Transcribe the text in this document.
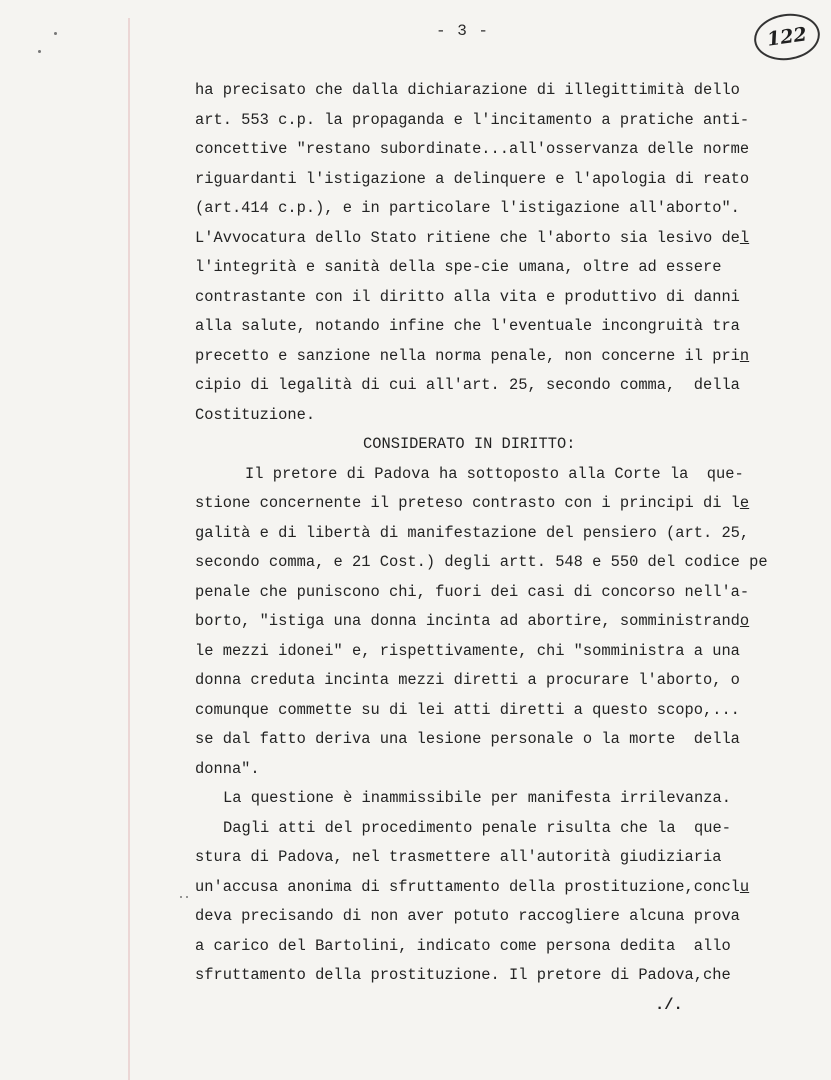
- 3 -	122
ha precisato che dalla dichiarazione di illegittimità dello
art. 553 c.p. la propaganda e l'incitamento a pratiche anti-
concettive "restano subordinate...all'osservanza delle norme
riguardanti l'istigazione a delinquere e l'apologia di reato
(art.414 c.p.), e in particolare l'istigazione all'aborto".
L'Avvocatura dello Stato ritiene che l'aborto sia lesivo del
l'integrità e sanità della spe-cie umana, oltre ad essere
contrastante con il diritto alla vita e produttivo di danni
alla salute, notando infine che l'eventuale incongruità tra
precetto e sanzione nella norma penale, non concerne il prin
cipio di legalità di cui all'art. 25, secondo comma,  della
Costituzione.
CONSIDERATO IN DIRITTO:
Il pretore di Padova ha sottoposto alla Corte la  que-
stione concernente il preteso contrasto con i principi di le
galità e di libertà di manifestazione del pensiero (art. 25,
secondo comma, e 21 Cost.) degli artt. 548 e 550 del codice pe
penale che puniscono chi, fuori dei casi di concorso nell'a-
borto, "istiga una donna incinta ad abortire, somministrando
le mezzi idonei" e, rispettivamente, chi "somministra a una
donna creduta incinta mezzi diretti a procurare l'aborto, o
comunque commette su di lei atti diretti a questo scopo,...
se dal fatto deriva una lesione personale o la morte  della
donna".
La questione è inammissibile per manifesta irrilevanza.
Dagli atti del procedimento penale risulta che la  que-
stura di Padova, nel trasmettere all'autorità giudiziaria
un'accusa anonima di sfruttamento della prostituzione,conclu
deva precisando di non aver potuto raccogliere alcuna prova
a carico del Bartolini, indicato come persona dedita  allo
sfruttamento della prostituzione. Il pretore di Padova,che
./.
